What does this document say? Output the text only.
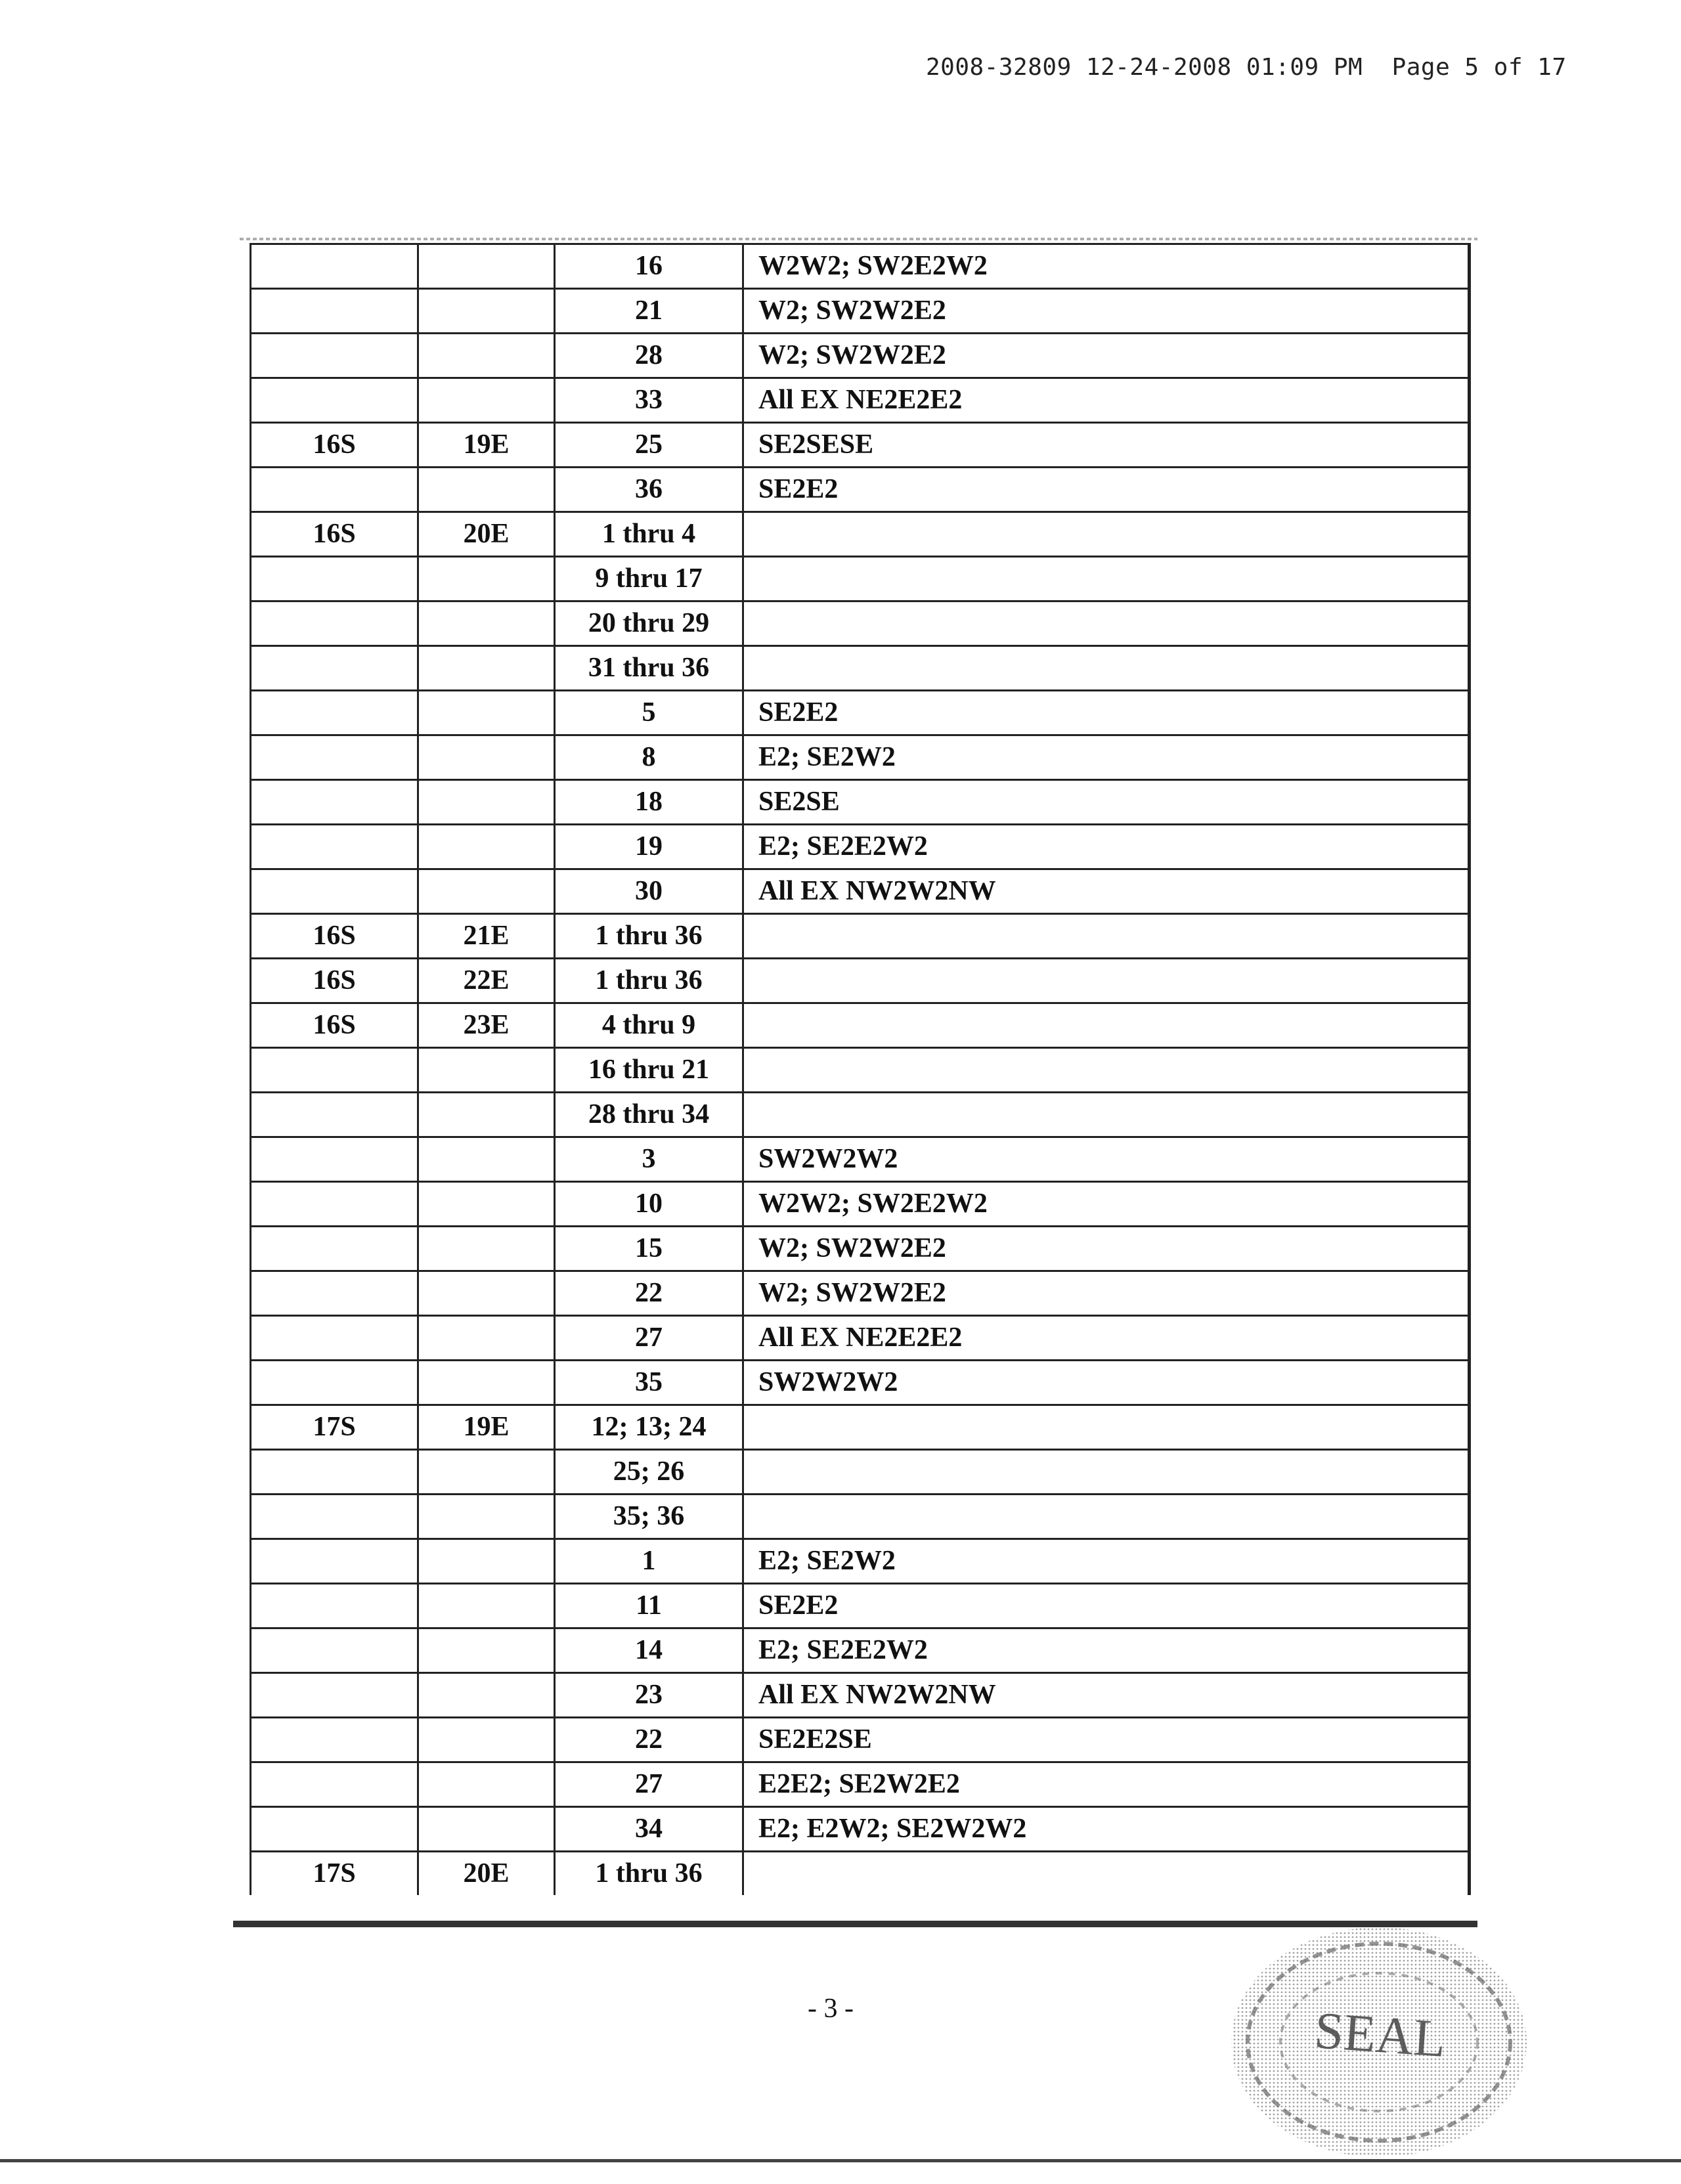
2008-32809 12-24-2008 01:09 PM  Page 5 of 17
		16	W2W2; SW2E2W2
		21	W2; SW2W2E2
		28	W2; SW2W2E2
		33	All EX NE2E2E2
16S	19E	25	SE2SESE
		36	SE2E2
16S	20E	1 thru 4	
		9 thru 17	
		20 thru 29	
		31 thru 36	
		5	SE2E2
		8	E2; SE2W2
		18	SE2SE
		19	E2; SE2E2W2
		30	All EX NW2W2NW
16S	21E	1 thru 36	
16S	22E	1 thru 36	
16S	23E	4 thru 9	
		16 thru 21	
		28 thru 34	
		3	SW2W2W2
		10	W2W2; SW2E2W2
		15	W2; SW2W2E2
		22	W2; SW2W2E2
		27	All EX NE2E2E2
		35	SW2W2W2
17S	19E	12; 13; 24	
		25; 26	
		35; 36	
		1	E2; SE2W2
		11	SE2E2
		14	E2; SE2E2W2
		23	All EX NW2W2NW
		22	SE2E2SE
		27	E2E2; SE2W2E2
		34	E2; E2W2; SE2W2W2
17S	20E	1 thru 36	
- 3 -	SEAL
